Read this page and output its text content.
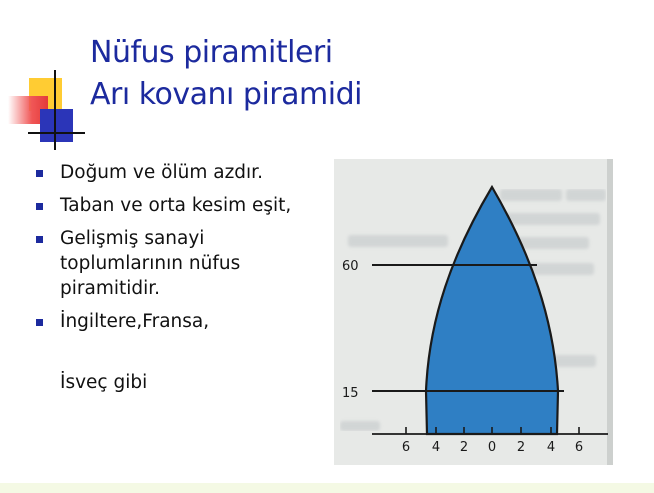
Nüfus piramitleri
Arı kovanı piramidi
Doğum ve ölüm azdır.
Taban ve orta kesim eşit,
Gelişmiş sanayi toplumlarının nüfus piramitidir.
İngiltere,Fransa,
İsveç gibi
60
15
6 4 2 0 2 4 6
